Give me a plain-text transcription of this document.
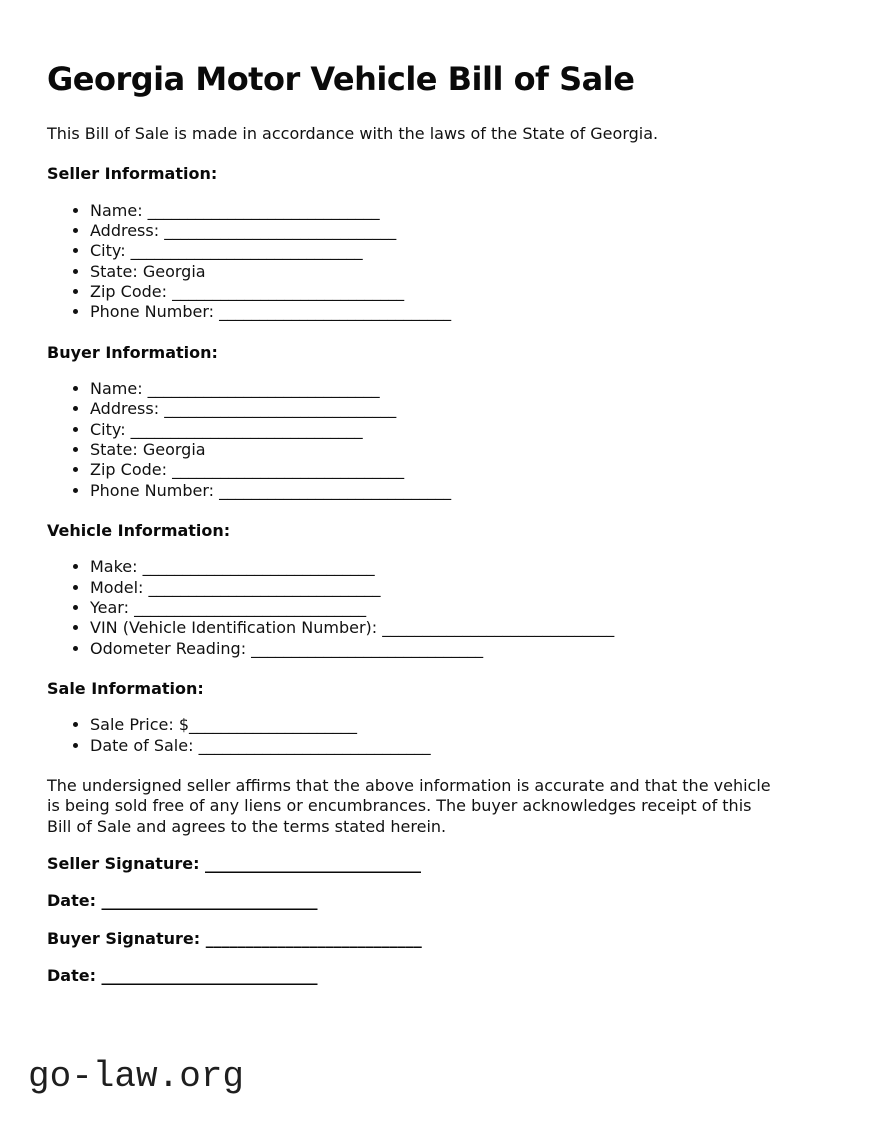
Georgia Motor Vehicle Bill of Sale

This Bill of Sale is made in accordance with the laws of the State of Georgia.

Seller Information:
• Name: _____________________________
• Address: _____________________________
• City: _____________________________
• State: Georgia
• Zip Code: _____________________________
• Phone Number: _____________________________
Buyer Information:
• Name: _____________________________
• Address: _____________________________
• City: _____________________________
• State: Georgia
• Zip Code: _____________________________
• Phone Number: _____________________________
Vehicle Information:
• Make: _____________________________
• Model: _____________________________
• Year: _____________________________
• VIN (Vehicle Identification Number): _____________________________
• Odometer Reading: _____________________________
Sale Information:
• Sale Price: $_____________________
• Date of Sale: _____________________________
The undersigned seller affirms that the above information is accurate and that the vehicle
is being sold free of any liens or encumbrances. The buyer acknowledges receipt of this
Bill of Sale and agrees to the terms stated herein.

Seller Signature: ___________________________

Date: ___________________________

Buyer Signature: ___________________________

Date: ___________________________

go-law.org
